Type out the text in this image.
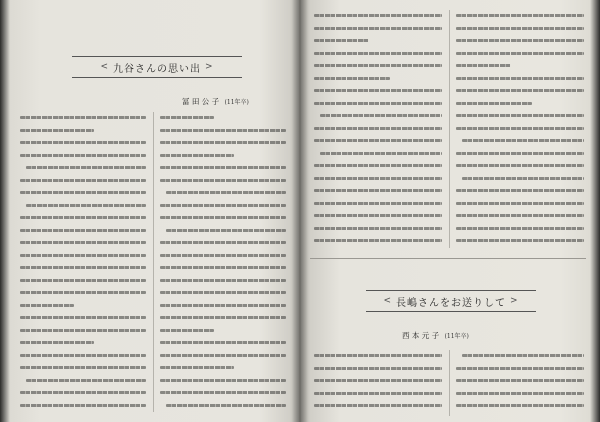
< 九谷さんの思い出 >
冨 田 公 子 (11年卒)
< 長嶋さんをお送りして >
西 本 元 子 (11年卒)
